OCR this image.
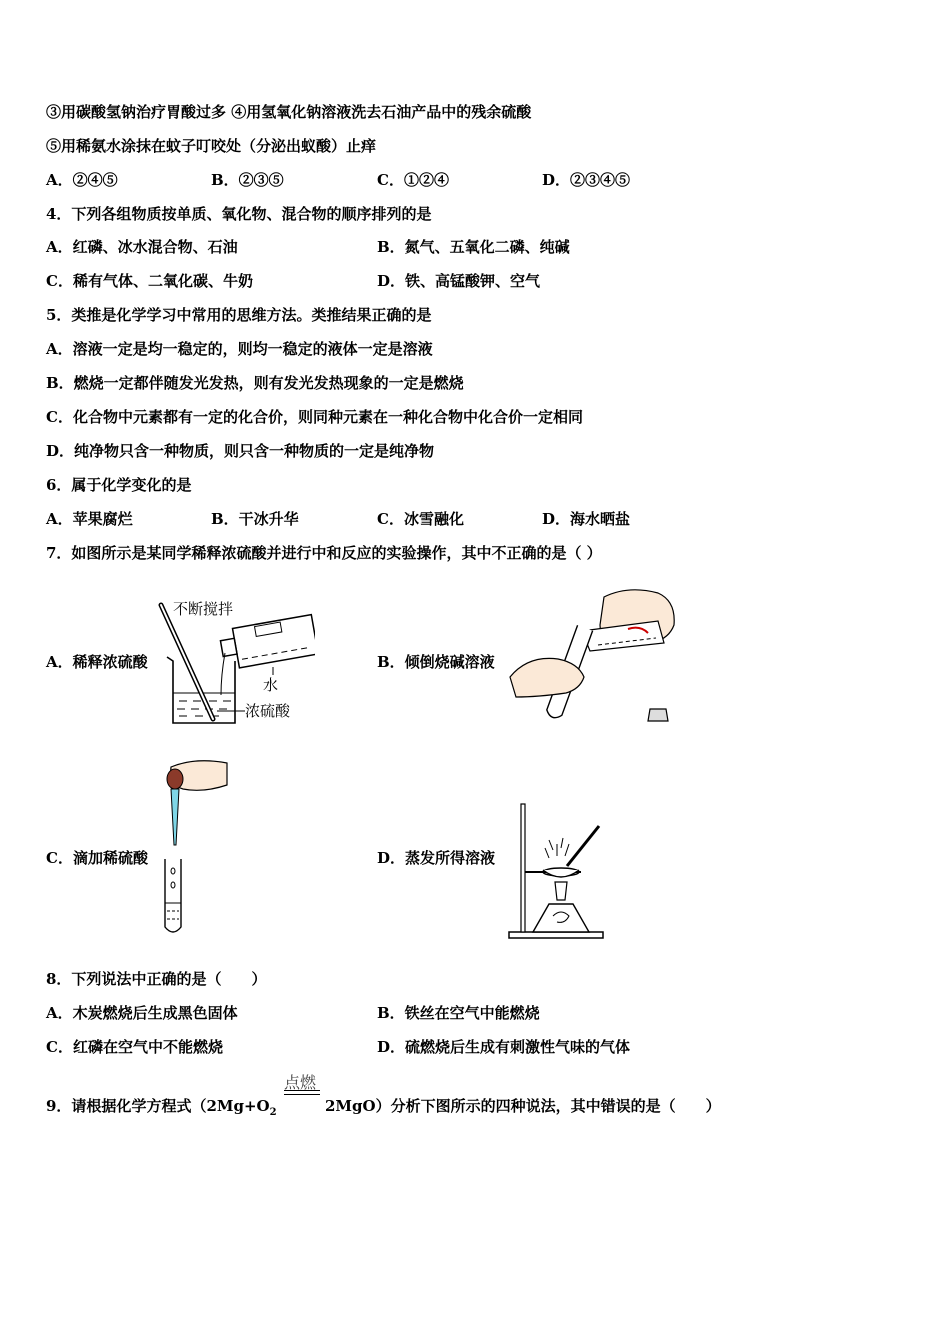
③用碳酸氢钠治疗胃酸过多 ④用氢氧化钠溶液洗去石油产品中的残余硫酸
⑤用稀氨水涂抹在蚊子叮咬处（分泌出蚁酸）止痒
A．②④⑤	B．②③⑤	C．①②④	D．②③④⑤
4．下列各组物质按单质、氧化物、混合物的顺序排列的是
A．红磷、冰水混合物、石油	B．氮气、五氧化二磷、纯碱
C．稀有气体、二氧化碳、牛奶	D．铁、高锰酸钾、空气
5．类推是化学学习中常用的思维方法。类推结果正确的是
A．溶液一定是均一稳定的，则均一稳定的液体一定是溶液
B．燃烧一定都伴随发光发热，则有发光发热现象的一定是燃烧
C．化合物中元素都有一定的化合价，则同种元素在一种化合物中化合价一定相同
D．纯净物只含一种物质，则只含一种物质的一定是纯净物
6．属于化学变化的是
A．苹果腐烂	B．干冰升华	C．冰雪融化	D．海水晒盐
7．如图所示是某同学稀释浓硫酸并进行中和反应的实验操作，其中不正确的是（ ）
A．稀释浓硫酸	B．倾倒烧碱溶液
C．滴加稀硫酸	D．蒸发所得溶液
不断搅拌
水
浓硫酸
8．下列说法中正确的是（　　）
A．木炭燃烧后生成黑色固体	B．铁丝在空气中能燃烧
C．红磷在空气中不能燃烧	D．硫燃烧后生成有刺激性气味的气体
9．请根据化学方程式（$2Mg+O_2$
点燃
2MgO）分析下图所示的四种说法，其中错误的是（　　）
